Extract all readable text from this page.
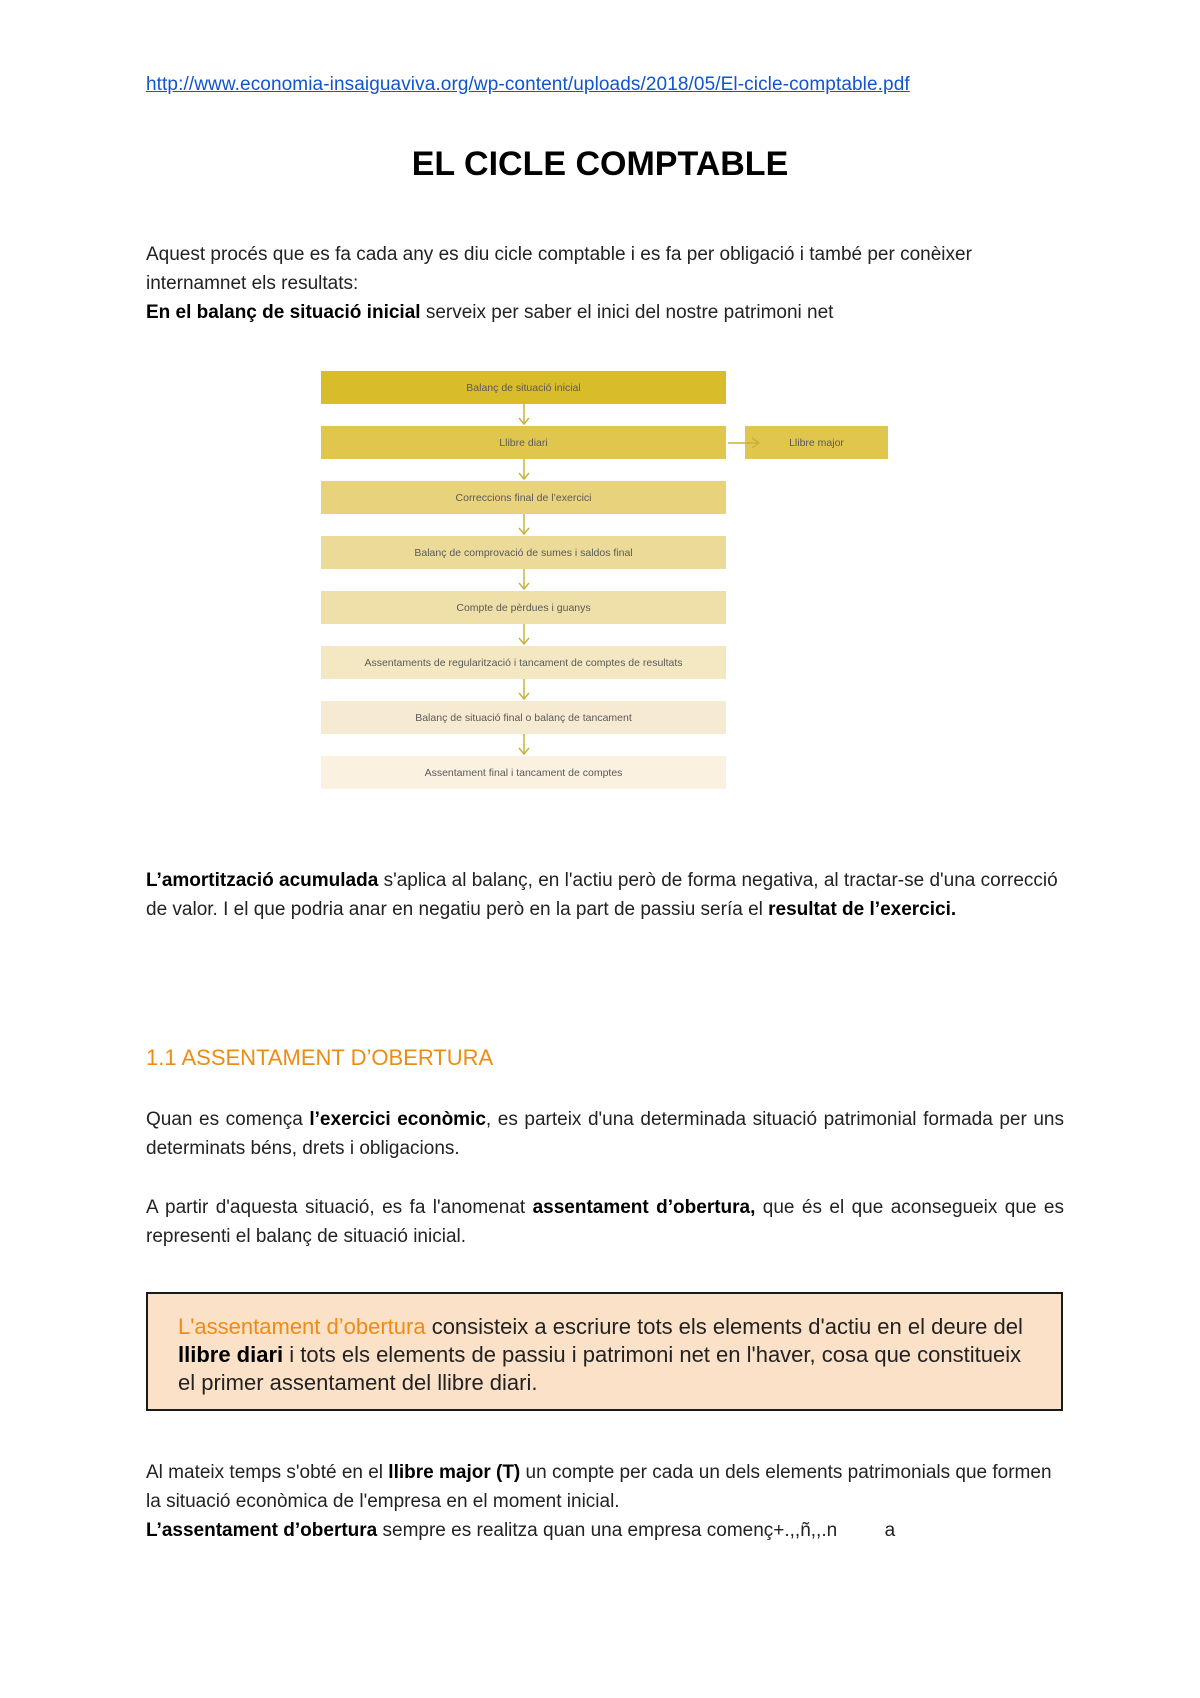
http://www.economia-insaiguaviva.org/wp-content/uploads/2018/05/El-cicle-comptable.pdf
EL CICLE COMPTABLE
Aquest procés que es fa cada any es diu cicle comptable i es fa per obligació i també per conèixer internamnet els resultats:
En el balanç de situació inicial serveix per saber el inici del nostre patrimoni net
Balanç de situació inicial
Llibre diari
Correccions final de l’exercici
Balanç de comprovació de sumes i saldos final
Compte de pèrdues i guanys
Assentaments de regularització i tancament de comptes de resultats
Balanç de situació final o balanç de tancament
Assentament final i tancament de comptes
Llibre major
L’amortització acumulada s'aplica al balanç, en l'actiu però de forma negativa, al tractar-se d'una correcció de valor. I el que podria anar en negatiu però en la part de passiu sería el resultat de l’exercici.
1.1 ASSENTAMENT D’OBERTURA
Quan es comença l’exercici econòmic, es parteix d'una determinada situació patrimonial formada per uns determinats béns, drets i obligacions.
A partir d'aquesta situació, es fa l'anomenat assentament d’obertura, que és el que aconsegueix que es representi el balanç de situació inicial.
L'assentament d’obertura consisteix a escriure tots els elements d'actiu en el deure del llibre diari i tots els elements de passiu i patrimoni net en l'haver, cosa que constitueix el primer assentament del llibre diari.
Al mateix temps s'obté en el llibre major (T) un compte per cada un dels elements patrimonials que formen la situació econòmica de l'empresa en el moment inicial.
L’assentament d’obertura sempre es realitza quan una empresa començ+.,,ñ,,.n         a
